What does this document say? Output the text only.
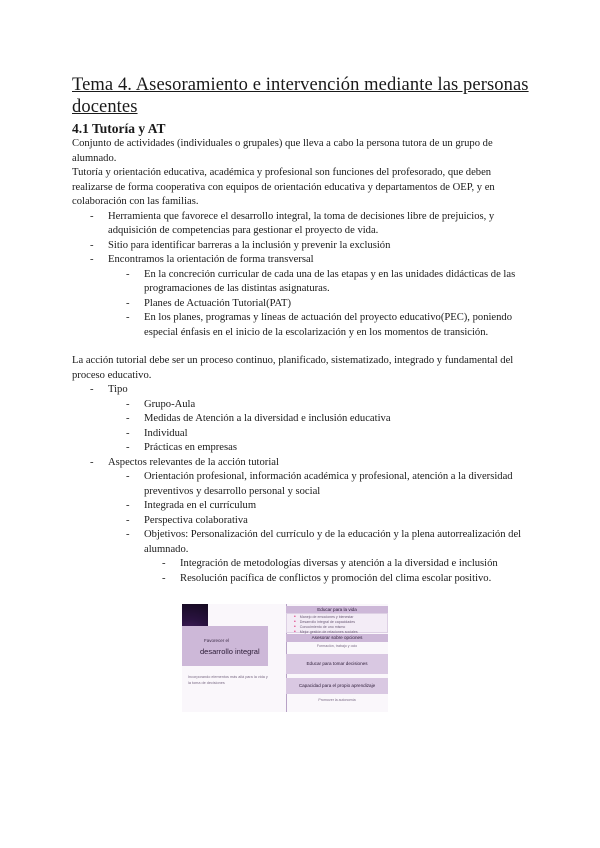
Tema 4. Asesoramiento e intervención mediante las personas
docentes
4.1 Tutoría y AT

Conjunto de actividades (individuales o grupales) que lleva a cabo la persona tutora de un grupo de alumnado.

Tutoría y orientación educativa, académica y profesional son funciones del profesorado, que deben realizarse de forma cooperativa con equipos de orientación educativa y departamentos de OEP, y en colaboración con las familias.

- Herramienta que favorece el desarrollo integral, la toma de decisiones libre de prejuicios, y adquisición de competencias para gestionar el proyecto de vida.
- Sitio para identificar barreras a la inclusión y prevenir la exclusión
- Encontramos la orientación de forma transversal
- En la concreción curricular de cada una de las etapas y en las unidades didácticas de las programaciones de las distintas asignaturas.
- Planes de Actuación Tutorial(PAT)
- En los planes, programas y líneas de actuación del proyecto educativo(PEC), poniendo especial énfasis en el inicio de la escolarización y en los momentos de transición.

La acción tutorial debe ser un proceso continuo, planificado, sistematizado, integrado y fundamental del proceso educativo.

- Tipo
- Grupo-Aula
- Medidas de Atención a la diversidad e inclusión educativa
- Individual
- Prácticas en empresas
- Aspectos relevantes de la acción tutorial
- Orientación profesional, información académica y profesional, atención a la diversidad preventivos y desarrollo personal y social
- Integrada en el currículum
- Perspectiva colaborativa
- Objetivos: Personalización del currículo y de la educación y la plena autorrealización del alumnado.
- Integración de metodologías diversas y atención a la diversidad e inclusión
- Resolución pacífica de conflictos y promoción del clima escolar positivo.
Favorecer el
desarrollo integral
Incorporando elementos más allá para la vida y la toma de decisiones
Educar para la vida
• Manejo de emociones y bienestar
• Desarrollo integral de capacidades
• Conocimiento de uno mismo
• Mejor gestión de relaciones sociales
Asesorar sobre opciones
Formación, trabajo y ocio
Educar para tomar decisiones
Capacidad para el propio aprendizaje
Promover la autonomía
